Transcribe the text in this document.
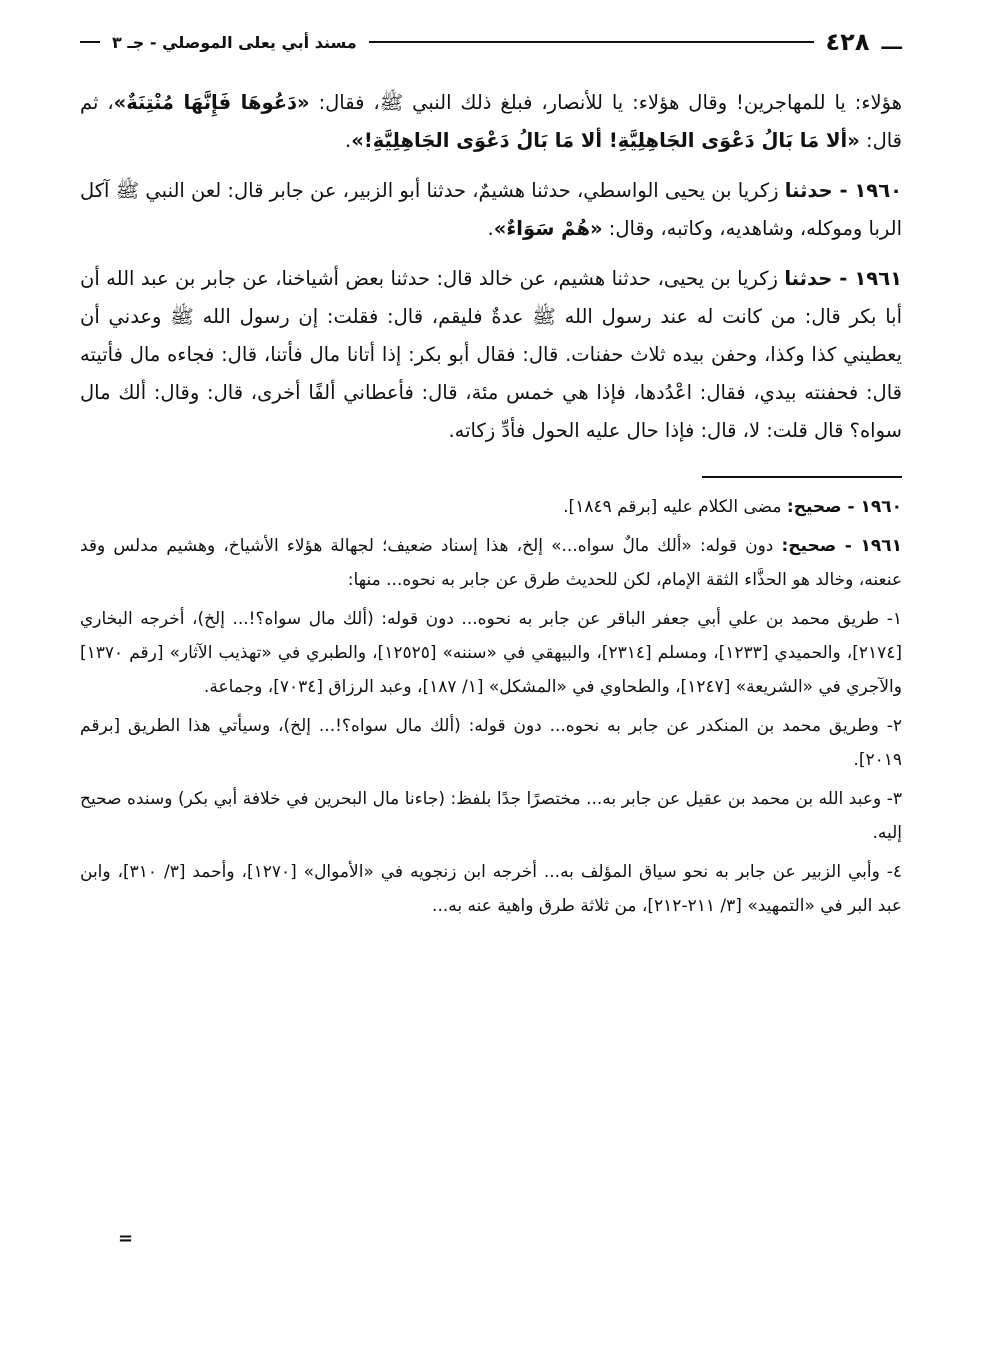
ـــ
٤٢٨
مسند أبي يعلى الموصلي - جـ ٣

هؤلاء: يا للمهاجرين! وقال هؤلاء: يا للأنصار، فبلغ ذلك النبي ﷺ، فقال: «دَعُوهَا فَإِنَّهَا مُنْتِنَةٌ»، ثم قال: «ألا مَا بَالُ دَعْوَى الجَاهِلِيَّةِ! ألا مَا بَالُ دَعْوَى الجَاهِلِيَّةِ!».

١٩٦٠ - حدثنا زكريا بن يحيى الواسطي، حدثنا هشيمٌ، حدثنا أبو الزبير، عن جابر قال: لعن النبي ﷺ آكل الربا وموكله، وشاهديه، وكاتبه، وقال: «هُمْ سَوَاءٌ».

١٩٦١ - حدثنا زكريا بن يحيى، حدثنا هشيم، عن خالد قال: حدثنا بعض أشياخنا، عن جابر بن عبد الله أن أبا بكر قال: من كانت له عند رسول الله ﷺ عدةٌ فليقم، قال: فقلت: إن رسول الله ﷺ وعدني أن يعطيني كذا وكذا، وحفن بيده ثلاث حفنات. قال: فقال أبو بكر: إذا أتانا مال فأتنا، قال: فجاءه مال فأتيته قال: فحفنته بيدي، فقال: اعْدُدها، فإذا هي خمس مئة، قال: فأعطاني ألفًا أخرى، قال: وقال: ألك مال سواه؟ قال قلت: لا، قال: فإذا حال عليه الحول فأدِّ زكاته.

١٩٦٠ - صحيح: مضى الكلام عليه [برقم ١٨٤٩].

١٩٦١ - صحيح: دون قوله: «ألك مالٌ سواه...» إلخ، هذا إسناد ضعيف؛ لجهالة هؤلاء الأشياخ، وهشيم مدلس وقد عنعنه، وخالد هو الحذَّاء الثقة الإمام، لكن للحديث طرق عن جابر به نحوه... منها:

١- طريق محمد بن علي أبي جعفر الباقر عن جابر به نحوه... دون قوله: (ألك مال سواه؟!... إلخ)، أخرجه البخاري [٢١٧٤]، والحميدي [١٢٣٣]، ومسلم [٢٣١٤]، والبيهقي في «سننه» [١٢٥٢٥]، والطبري في «تهذيب الآثار» [رقم ١٣٧٠] والآجري في «الشريعة» [١٢٤٧]، والطحاوي في «المشكل» [١/ ١٨٧]، وعبد الرزاق [٧٠٣٤]، وجماعة.

٢- وطريق محمد بن المنكدر عن جابر به نحوه... دون قوله: (ألك مال سواه؟!... إلخ)، وسيأتي هذا الطريق [برقم ٢٠١٩].

٣- وعبد الله بن محمد بن عقيل عن جابر به... مختصرًا جدًا بلفظ: (جاءنا مال البحرين في خلافة أبي بكر) وسنده صحيح إليه.

٤- وأبي الزبير عن جابر به نحو سياق المؤلف به... أخرجه ابن زنجويه في «الأموال» [١٢٧٠]، وأحمد [٣/ ٣١٠]، وابن عبد البر في «التمهيد» [٣/ ٢١١-٢١٢]، من ثلاثة طرق واهية عنه به...

=
